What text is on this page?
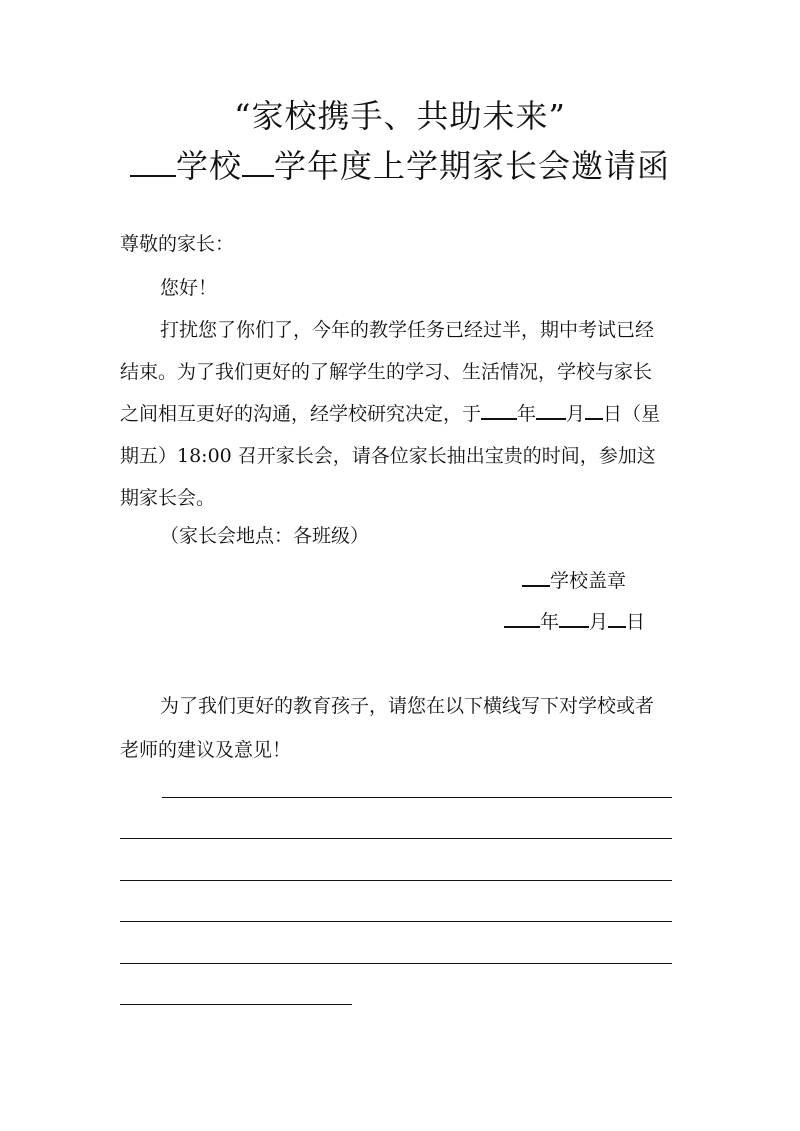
“家校携手、共助未来”
学校 学年度上学期家长会邀请函
尊敬的家长：
您好！
打扰您了你们了，今年的教学任务已经过半，期中考试已经
结束。为了我们更好的了解学生的学习、生活情况，学校与家长
之间相互更好的沟通，经学校研究决定，于 年 月 日（星
期五）18:00 召开家长会，请各位家长抽出宝贵的时间，参加这
期家长会。
（家长会地点：各班级）
学校盖章
年 月 日
为了我们更好的教育孩子，请您在以下横线写下对学校或者
老师的建议及意见！
